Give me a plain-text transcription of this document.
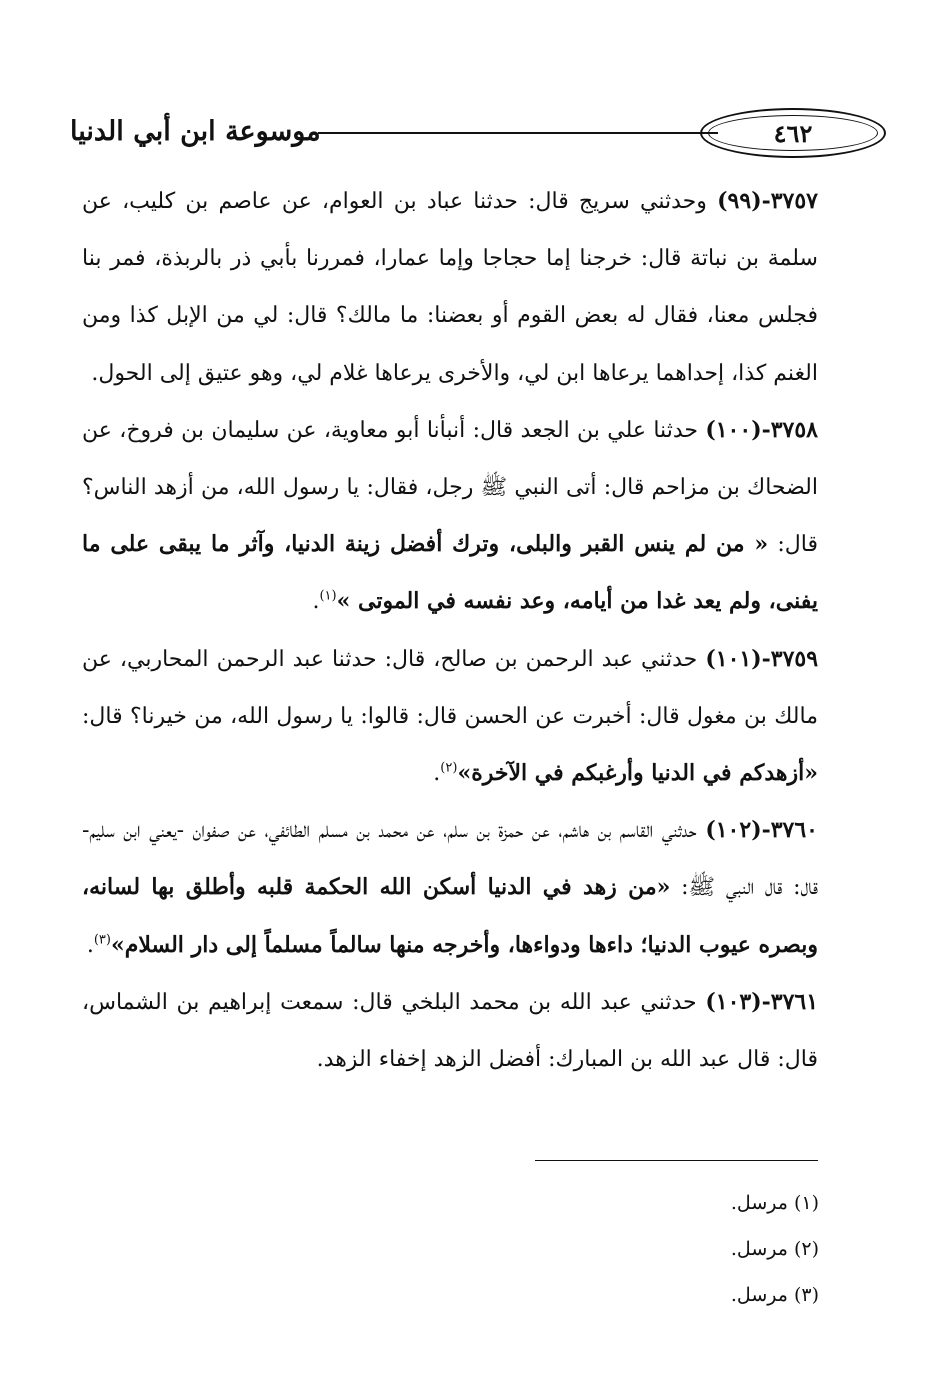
موسوعة ابن أبي الدنيا	٤٦٢

٣٧٥٧-(٩٩) وحدثني سريج قال: حدثنا عباد بن العوام، عن عاصم بن كليب، عن سلمة بن نباتة قال: خرجنا إما حجاجا وإما عمارا، فمررنا بأبي ذر بالربذة، فمر بنا فجلس معنا، فقال له بعض القوم أو بعضنا: ما مالك؟ قال: لي من الإبل كذا ومن الغنم كذا، إحداهما يرعاها ابن لي، والأخرى يرعاها غلام لي، وهو عتيق إلى الحول.

٣٧٥٨-(١٠٠) حدثنا علي بن الجعد قال: أنبأنا أبو معاوية، عن سليمان بن فروخ، عن الضحاك بن مزاحم قال: أتى النبي ﷺ رجل، فقال: يا رسول الله، من أزهد الناس؟ قال: « من لم ينس القبر والبلى، وترك أفضل زينة الدنيا، وآثر ما يبقى على ما يفنى، ولم يعد غدا من أيامه، وعد نفسه في الموتى »$^{(١)}$.

٣٧٥٩-(١٠١) حدثني عبد الرحمن بن صالح، قال: حدثنا عبد الرحمن المحاربي، عن مالك بن مغول قال: أخبرت عن الحسن قال: قالوا: يا رسول الله، من خيرنا؟ قال: «أزهدكم في الدنيا وأرغبكم في الآخرة»$^{(٢)}$.

٣٧٦٠-(١٠٢) حدثني القاسم بن هاشم، عن حمزة بن سلم، عن محمد بن مسلم الطائفي، عن صفوان -يعني ابن سليم- قال: قال النبي ﷺ: «من زهد في الدنيا أسكن الله الحكمة قلبه وأطلق بها لسانه، وبصره عيوب الدنيا؛ داءها ودواءها، وأخرجه منها سالماً مسلماً إلى دار السلام»$^{(٣)}$.

٣٧٦١-(١٠٣) حدثني عبد الله بن محمد البلخي قال: سمعت إبراهيم بن الشماس، قال: قال عبد الله بن المبارك: أفضل الزهد إخفاء الزهد.

(١) مرسل.

(٢) مرسل.

(٣) مرسل.
